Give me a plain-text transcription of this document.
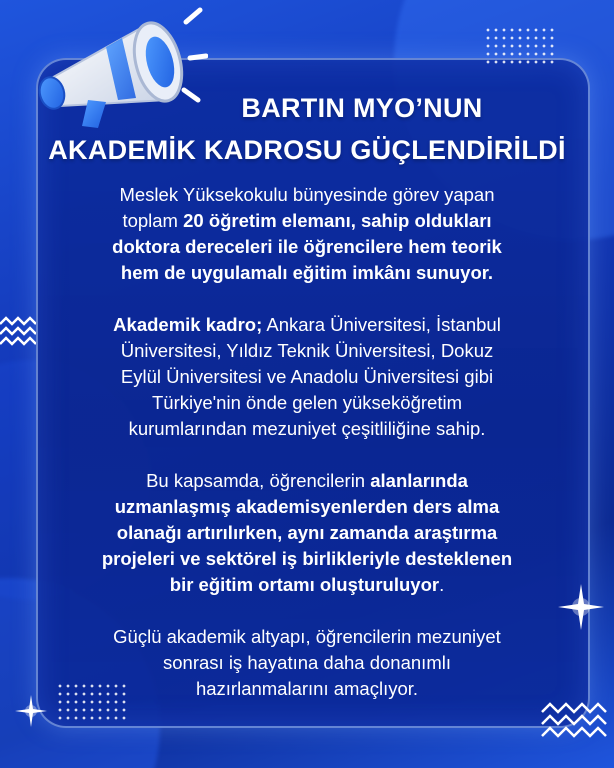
BARTIN MYO’NUN
AKADEMİK KADROSU GÜÇLENDİRİLDİ

Meslek Yüksekokulu bünyesinde görev yapan
toplam 20 öğretim elemanı, sahip oldukları
doktora dereceleri ile öğrencilere hem teorik
hem de uygulamalı eğitim imkânı sunuyor.

Akademik kadro; Ankara Üniversitesi, İstanbul
Üniversitesi, Yıldız Teknik Üniversitesi, Dokuz
Eylül Üniversitesi ve Anadolu Üniversitesi gibi
Türkiye'nin önde gelen yükseköğretim
kurumlarından mezuniyet çeşitliliğine sahip.

Bu kapsamda, öğrencilerin alanlarında
uzmanlaşmış akademisyenlerden ders alma
olanağı artırılırken, aynı zamanda araştırma
projeleri ve sektörel iş birlikleriyle desteklenen
bir eğitim ortamı oluşturuluyor.

Güçlü akademik altyapı, öğrencilerin mezuniyet
sonrası iş hayatına daha donanımlı
hazırlanmalarını amaçlıyor.
